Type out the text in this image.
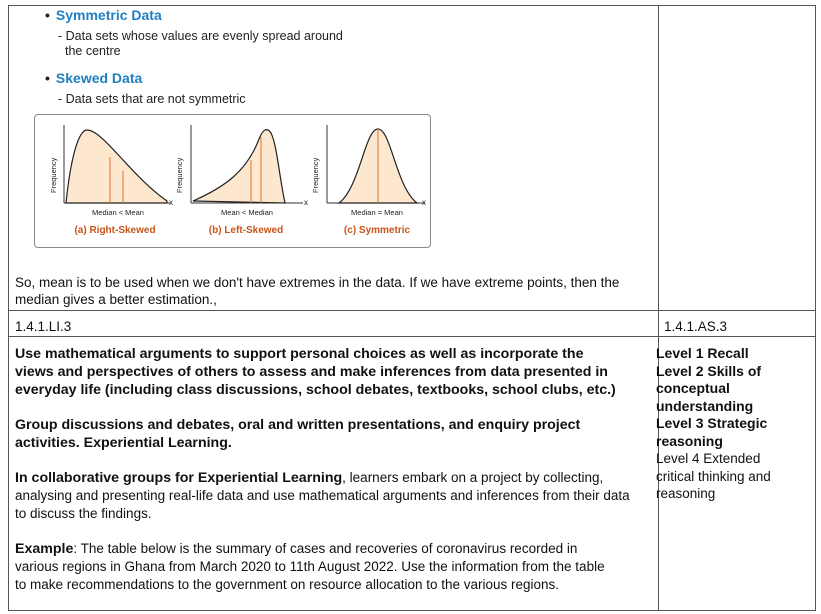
• Symmetric Data
- Data sets whose values are evenly spread around
the centre
• Skewed Data
- Data sets that are not symmetric
Frequency	Frequency	Frequency
x	x	x
Median < Mean	Mean < Median	Median = Mean
(a) Right-Skewed	(b) Left-Skewed	(c) Symmetric
So, mean is to be used when we don't have extremes in the data. If we have extreme points, then the
median gives a better estimation.,
1.4.1.LI.3	1.4.1.AS.3
Use mathematical arguments to support personal choices as well as incorporate the
views and perspectives of others to assess and make inferences from data presented in
everyday life (including class discussions, school debates, textbooks, school clubs, etc.)
Group discussions and debates, oral and written presentations, and enquiry project
activities. Experiential Learning.
In collaborative groups for Experiential Learning, learners embark on a project by collecting,
analysing and presenting real-life data and use mathematical arguments and inferences from their data
to discuss the findings.
Example: The table below is the summary of cases and recoveries of coronavirus recorded in
various regions in Ghana from March 2020 to 11th August 2022. Use the information from the table
to make recommendations to the government on resource allocation to the various regions.
Level 1 Recall
Level 2 Skills of
conceptual
understanding
Level 3 Strategic
reasoning
Level 4 Extended
critical thinking and
reasoning
